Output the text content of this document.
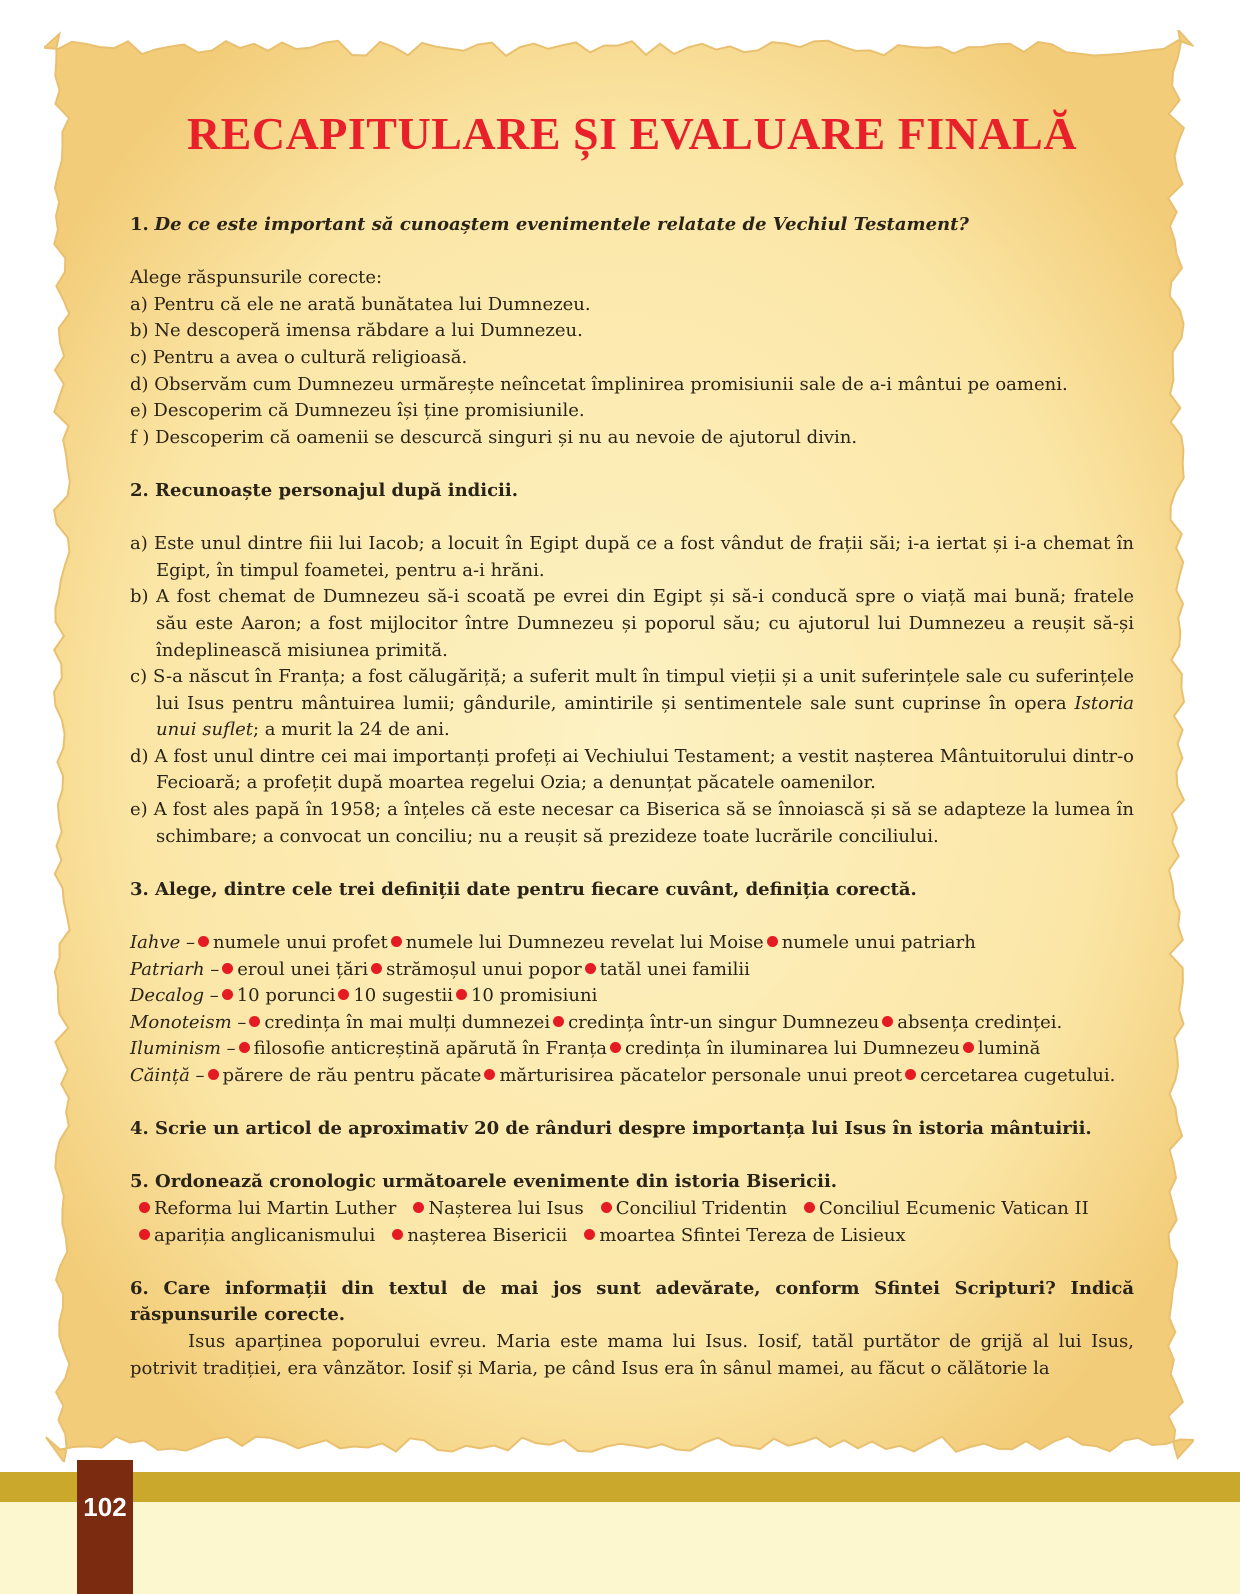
RECAPITULARE ȘI EVALUARE FINALĂ

1. De ce este important să cunoaștem evenimentele relatate de Vechiul Testament?

Alege răspunsurile corecte:

a) Pentru că ele ne arată bunătatea lui Dumnezeu.

b) Ne descoperă imensa răbdare a lui Dumnezeu.

c) Pentru a avea o cultură religioasă.

d) Observăm cum Dumnezeu urmărește neîncetat împlinirea promisiunii sale de a-i mântui pe oameni.

e) Descoperim că Dumnezeu își ține promisiunile.

f ) Descoperim că oamenii se descurcă singuri și nu au nevoie de ajutorul divin.

2. Recunoaște personajul după indicii.

a) Este unul dintre fiii lui Iacob; a locuit în Egipt după ce a fost vândut de frații săi; i-a iertat și i-a chemat în Egipt, în timpul foametei, pentru a-i hrăni.

b) A fost chemat de Dumnezeu să-i scoată pe evrei din Egipt și să-i conducă spre o viață mai bună; fratele său este Aaron; a fost mijlocitor între Dumnezeu și poporul său; cu ajutorul lui Dumnezeu a reușit să-și îndeplinească misiunea primită.

c) S-a născut în Franța; a fost călugăriță; a suferit mult în timpul vieții și a unit suferințele sale cu suferințele lui Isus pentru mântuirea lumii; gândurile, amintirile și sentimentele sale sunt cuprinse în opera Istoria unui suflet; a murit la 24 de ani.

d) A fost unul dintre cei mai importanți profeți ai Vechiului Testament; a vestit nașterea Mântuitorului dintr-o Fecioară; a profețit după moartea regelui Ozia; a denunțat păcatele oamenilor.

e) A fost ales papă în 1958; a înțeles că este necesar ca Biserica să se înnoiască și să se adapteze la lumea în schimbare; a convocat un conciliu; nu a reușit să prezideze toate lucrările conciliului.

3. Alege, dintre cele trei definiții date pentru fiecare cuvânt, definiția corectă.

Iahve – numele unui profet numele lui Dumnezeu revelat lui Moise numele unui patriarh

Patriarh – eroul unei țări strămoșul unui popor tatăl unei familii

Decalog – 10 porunci 10 sugestii 10 promisiuni

Monoteism – credința în mai mulți dumnezei credința într-un singur Dumnezeu absența credinței.

Iluminism – filosofie anticreștină apărută în Franța credința în iluminarea lui Dumnezeu lumină

Căință – părere de rău pentru păcate mărturisirea păcatelor personale unui preot cercetarea cugetului.

4. Scrie un articol de aproximativ 20 de rânduri despre importanța lui Isus în istoria mântuirii.

5. Ordonează cronologic următoarele evenimente din istoria Bisericii.

Reforma lui Martin Luther Nașterea lui Isus Conciliul Tridentin Conciliul Ecumenic Vatican II

apariția anglicanismului nașterea Bisericii moartea Sfintei Tereza de Lisieux

6. Care informații din textul de mai jos sunt adevărate, conform Sfintei Scripturi? Indică răspunsurile corecte.

Isus aparținea poporului evreu. Maria este mama lui Isus. Iosif, tatăl purtător de grijă al lui Isus, potrivit tradiției, era vânzător. Iosif și Maria, pe când Isus era în sânul mamei, au făcut o călătorie la

102
